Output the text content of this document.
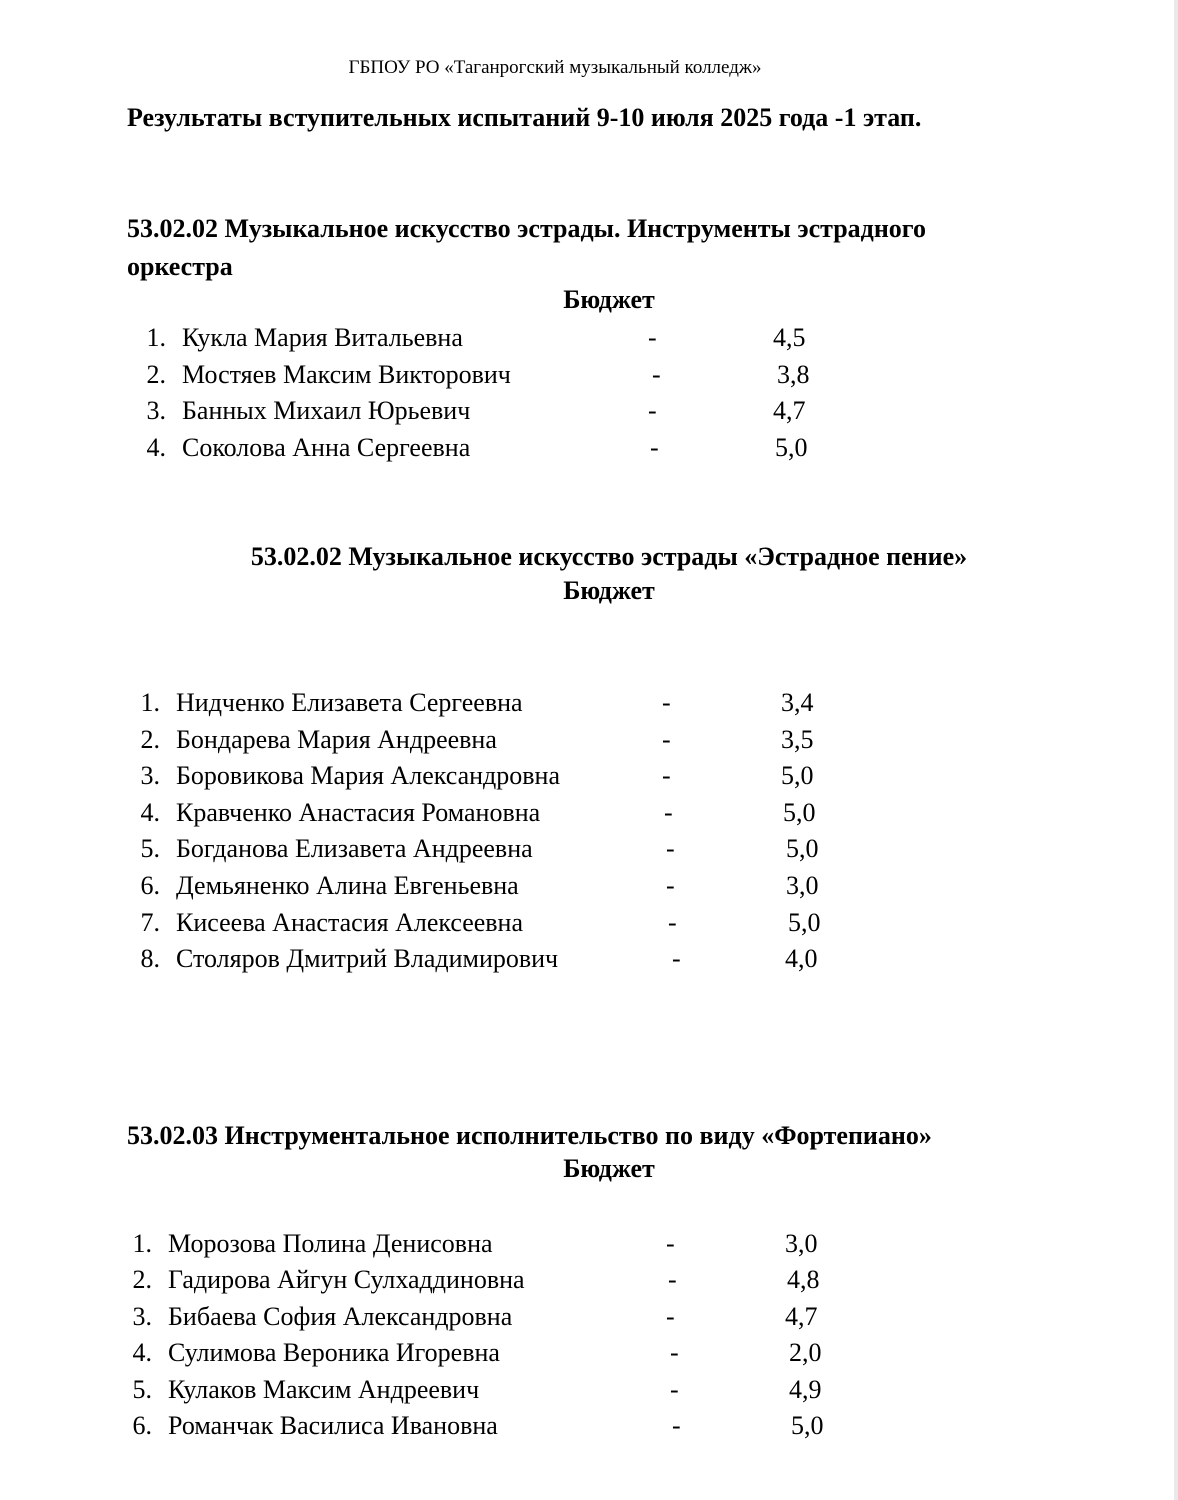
ГБПОУ РО «Таганрогский музыкальный колледж»
Результаты вступительных испытаний 9-10 июля 2025 года -1 этап.
53.02.02 Музыкальное искусство эстрады. Инструменты эстрадного оркестра
Бюджет
1. Кукла Мария Витальевна	-	4,5
2. Мостяев Максим Викторович	-	3,8
3. Банных Михаил Юрьевич	-	4,7
4. Соколова Анна Сергеевна	-	5,0
53.02.02 Музыкальное искусство эстрады «Эстрадное пение»
Бюджет
1. Нидченко Елизавета Сергеевна	-	3,4
2. Бондарева Мария Андреевна	-	3,5
3. Боровикова Мария Александровна	-	5,0
4. Кравченко Анастасия Романовна	-	5,0
5. Богданова Елизавета Андреевна	-	5,0
6. Демьяненко Алина Евгеньевна	-	3,0
7. Кисеева Анастасия Алексеевна	-	5,0
8. Столяров Дмитрий Владимирович	-	4,0
53.02.03 Инструментальное исполнительство по виду «Фортепиано»
Бюджет
1. Морозова Полина Денисовна	-	3,0
2. Гадирова Айгун Сулхаддиновна	-	4,8
3. Бибаева София Александровна	-	4,7
4. Сулимова Вероника Игоревна	-	2,0
5. Кулаков Максим Андреевич	-	4,9
6. Романчак Василиса Ивановна	-	5,0
